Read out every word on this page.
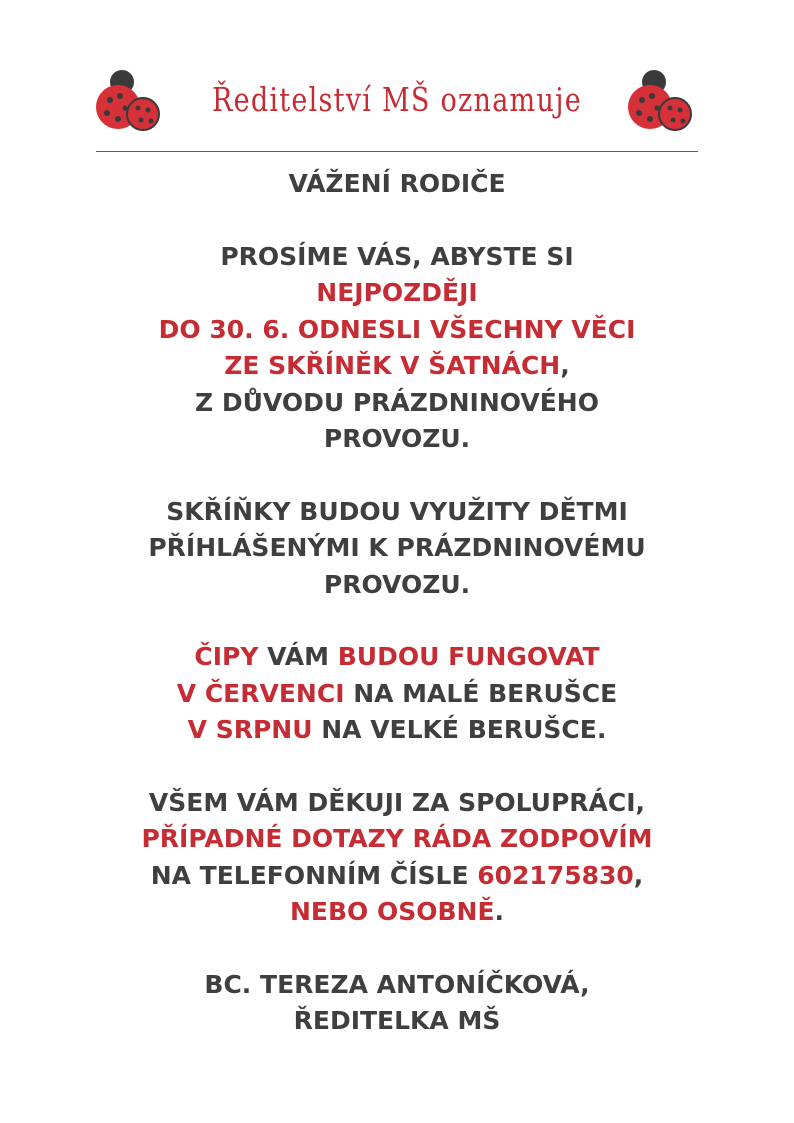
Ředitelství MŠ oznamuje
VÁŽENÍ RODIČE
PROSÍME VÁS, ABYSTE SI
NEJPOZDĚJI
DO 30. 6. ODNESLI VŠECHNY VĚCI
ZE SKŘÍNĚK V ŠATNÁCH,
Z DŮVODU PRÁZDNINOVÉHO
PROVOZU.
SKŘÍŇKY BUDOU VYUŽITY DĚTMI
PŘÍHLÁŠENÝMI K PRÁZDNINOVÉMU
PROVOZU.
ČIPY VÁM BUDOU FUNGOVAT
V ČERVENCI NA MALÉ BERUŠCE
V SRPNU NA VELKÉ BERUŠCE.
VŠEM VÁM DĚKUJI ZA SPOLUPRÁCI,
PŘÍPADNÉ DOTAZY RÁDA ZODPOVÍM
NA TELEFONNÍM ČÍSLE 602175830,
NEBO OSOBNĚ.
BC. TEREZA ANTONÍČKOVÁ,
ŘEDITELKA MŠ
